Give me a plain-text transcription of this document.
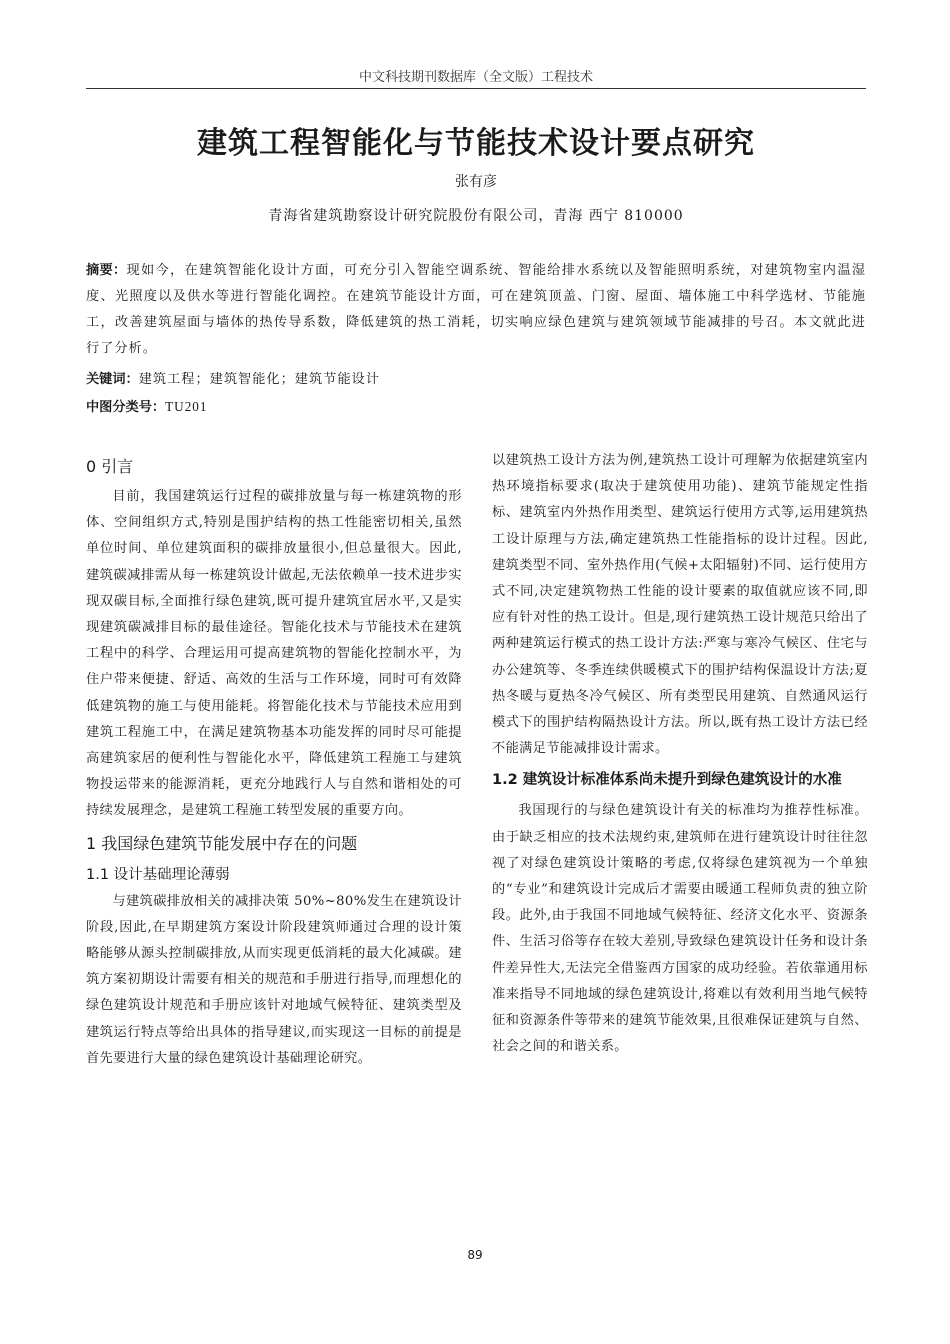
中文科技期刊数据库（全文版）工程技术
建筑工程智能化与节能技术设计要点研究
张有彦
青海省建筑勘察设计研究院股份有限公司，青海 西宁 810000
摘要：现如今，在建筑智能化设计方面，可充分引入智能空调系统、智能给排水系统以及智能照明系统，对建筑物室内温湿度、光照度以及供水等进行智能化调控。在建筑节能设计方面，可在建筑顶盖、门窗、屋面、墙体施工中科学选材、节能施工，改善建筑屋面与墙体的热传导系数，降低建筑的热工消耗，切实响应绿色建筑与建筑领域节能减排的号召。本文就此进行了分析。
关键词：建筑工程；建筑智能化；建筑节能设计
中图分类号：TU201
0 引言

目前，我国建筑运行过程的碳排放量与每一栋建筑物的形体、空间组织方式,特别是围护结构的热工性能密切相关,虽然单位时间、单位建筑面积的碳排放量很小,但总量很大。因此,建筑碳减排需从每一栋建筑设计做起,无法依赖单一技术进步实现双碳目标,全面推行绿色建筑,既可提升建筑宜居水平,又是实现建筑碳减排目标的最佳途径。智能化技术与节能技术在建筑工程中的科学、合理运用可提高建筑物的智能化控制水平，为住户带来便捷、舒适、高效的生活与工作环境，同时可有效降低建筑物的施工与使用能耗。将智能化技术与节能技术应用到建筑工程施工中，在满足建筑物基本功能发挥的同时尽可能提高建筑家居的便利性与智能化水平，降低建筑工程施工与建筑物投运带来的能源消耗，更充分地践行人与自然和谐相处的可持续发展理念，是建筑工程施工转型发展的重要方向。

1 我国绿色建筑节能发展中存在的问题
1.1 设计基础理论薄弱

与建筑碳排放相关的减排决策 50%~80%发生在建筑设计阶段,因此,在早期建筑方案设计阶段建筑师通过合理的设计策略能够从源头控制碳排放,从而实现更低消耗的最大化减碳。建筑方案初期设计需要有相关的规范和手册进行指导,而理想化的绿色建筑设计规范和手册应该针对地域气候特征、建筑类型及建筑运行特点等给出具体的指导建议,而实现这一目标的前提是首先要进行大量的绿色建筑设计基础理论研究。

以建筑热工设计方法为例,建筑热工设计可理解为依据建筑室内热环境指标要求(取决于建筑使用功能)、建筑节能规定性指标、建筑室内外热作用类型、建筑运行使用方式等,运用建筑热工设计原理与方法,确定建筑热工性能指标的设计过程。因此,建筑类型不同、室外热作用(气候+太阳辐射)不同、运行使用方式不同,决定建筑物热工性能的设计要素的取值就应该不同,即应有针对性的热工设计。但是,现行建筑热工设计规范只给出了两种建筑运行模式的热工设计方法:严寒与寒冷气候区、住宅与办公建筑等、冬季连续供暖模式下的围护结构保温设计方法;夏热冬暖与夏热冬冷气候区、所有类型民用建筑、自然通风运行模式下的围护结构隔热设计方法。所以,既有热工设计方法已经不能满足节能减排设计需求。

1.2 建筑设计标准体系尚未提升到绿色建筑设计的水准

我国现行的与绿色建筑设计有关的标准均为推荐性标准。由于缺乏相应的技术法规约束,建筑师在进行建筑设计时往往忽视了对绿色建筑设计策略的考虑,仅将绿色建筑视为一个单独的“专业”和建筑设计完成后才需要由暖通工程师负责的独立阶段。此外,由于我国不同地域气候特征、经济文化水平、资源条件、生活习俗等存在较大差别,导致绿色建筑设计任务和设计条件差异性大,无法完全借鉴西方国家的成功经验。若依靠通用标准来指导不同地域的绿色建筑设计,将难以有效利用当地气候特征和资源条件等带来的建筑节能效果,且很难保证建筑与自然、社会之间的和谐关系。

89
